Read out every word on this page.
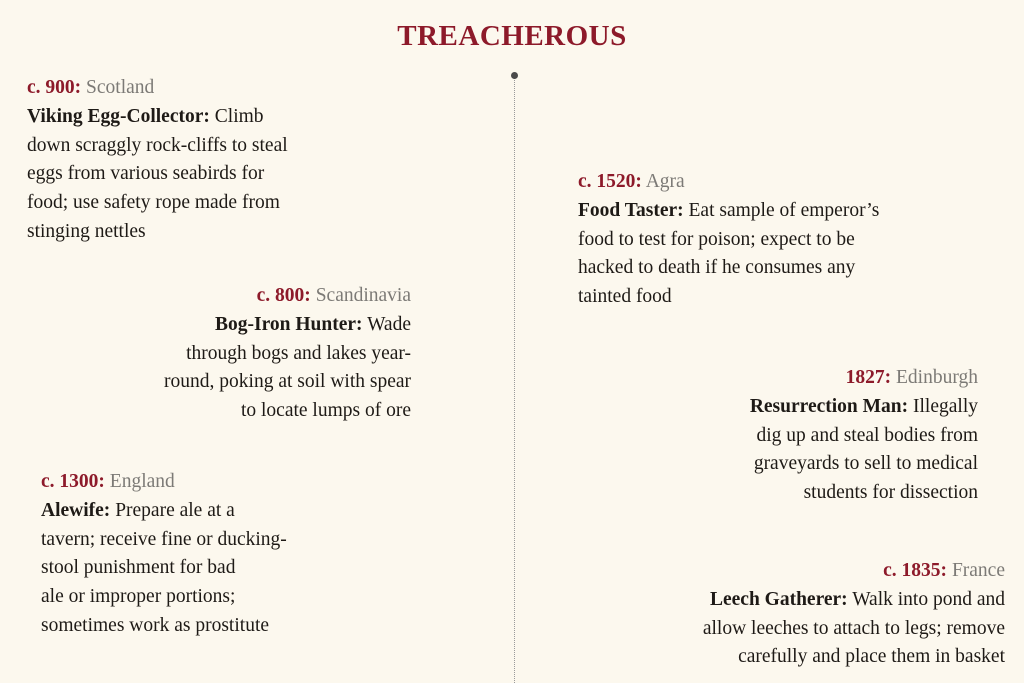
TREACHEROUS
c. 900: Scotland
Viking Egg-Collector: Climb
down scraggly rock-cliffs to steal
eggs from various seabirds for
food; use safety rope made from
stinging nettles
c. 800: Scandinavia
Bog-Iron Hunter: Wade
through bogs and lakes year-
round, poking at soil with spear
to locate lumps of ore
c. 1300: England
Alewife: Prepare ale at a
tavern; receive fine or ducking-
stool punishment for bad
ale or improper portions;
sometimes work as prostitute
c. 1520: Agra
Food Taster: Eat sample of emperor’s
food to test for poison; expect to be
hacked to death if he consumes any
tainted food
1827: Edinburgh
Resurrection Man: Illegally
dig up and steal bodies from
graveyards to sell to medical
students for dissection
c. 1835: France
Leech Gatherer: Walk into pond and
allow leeches to attach to legs; remove
carefully and place them in basket
